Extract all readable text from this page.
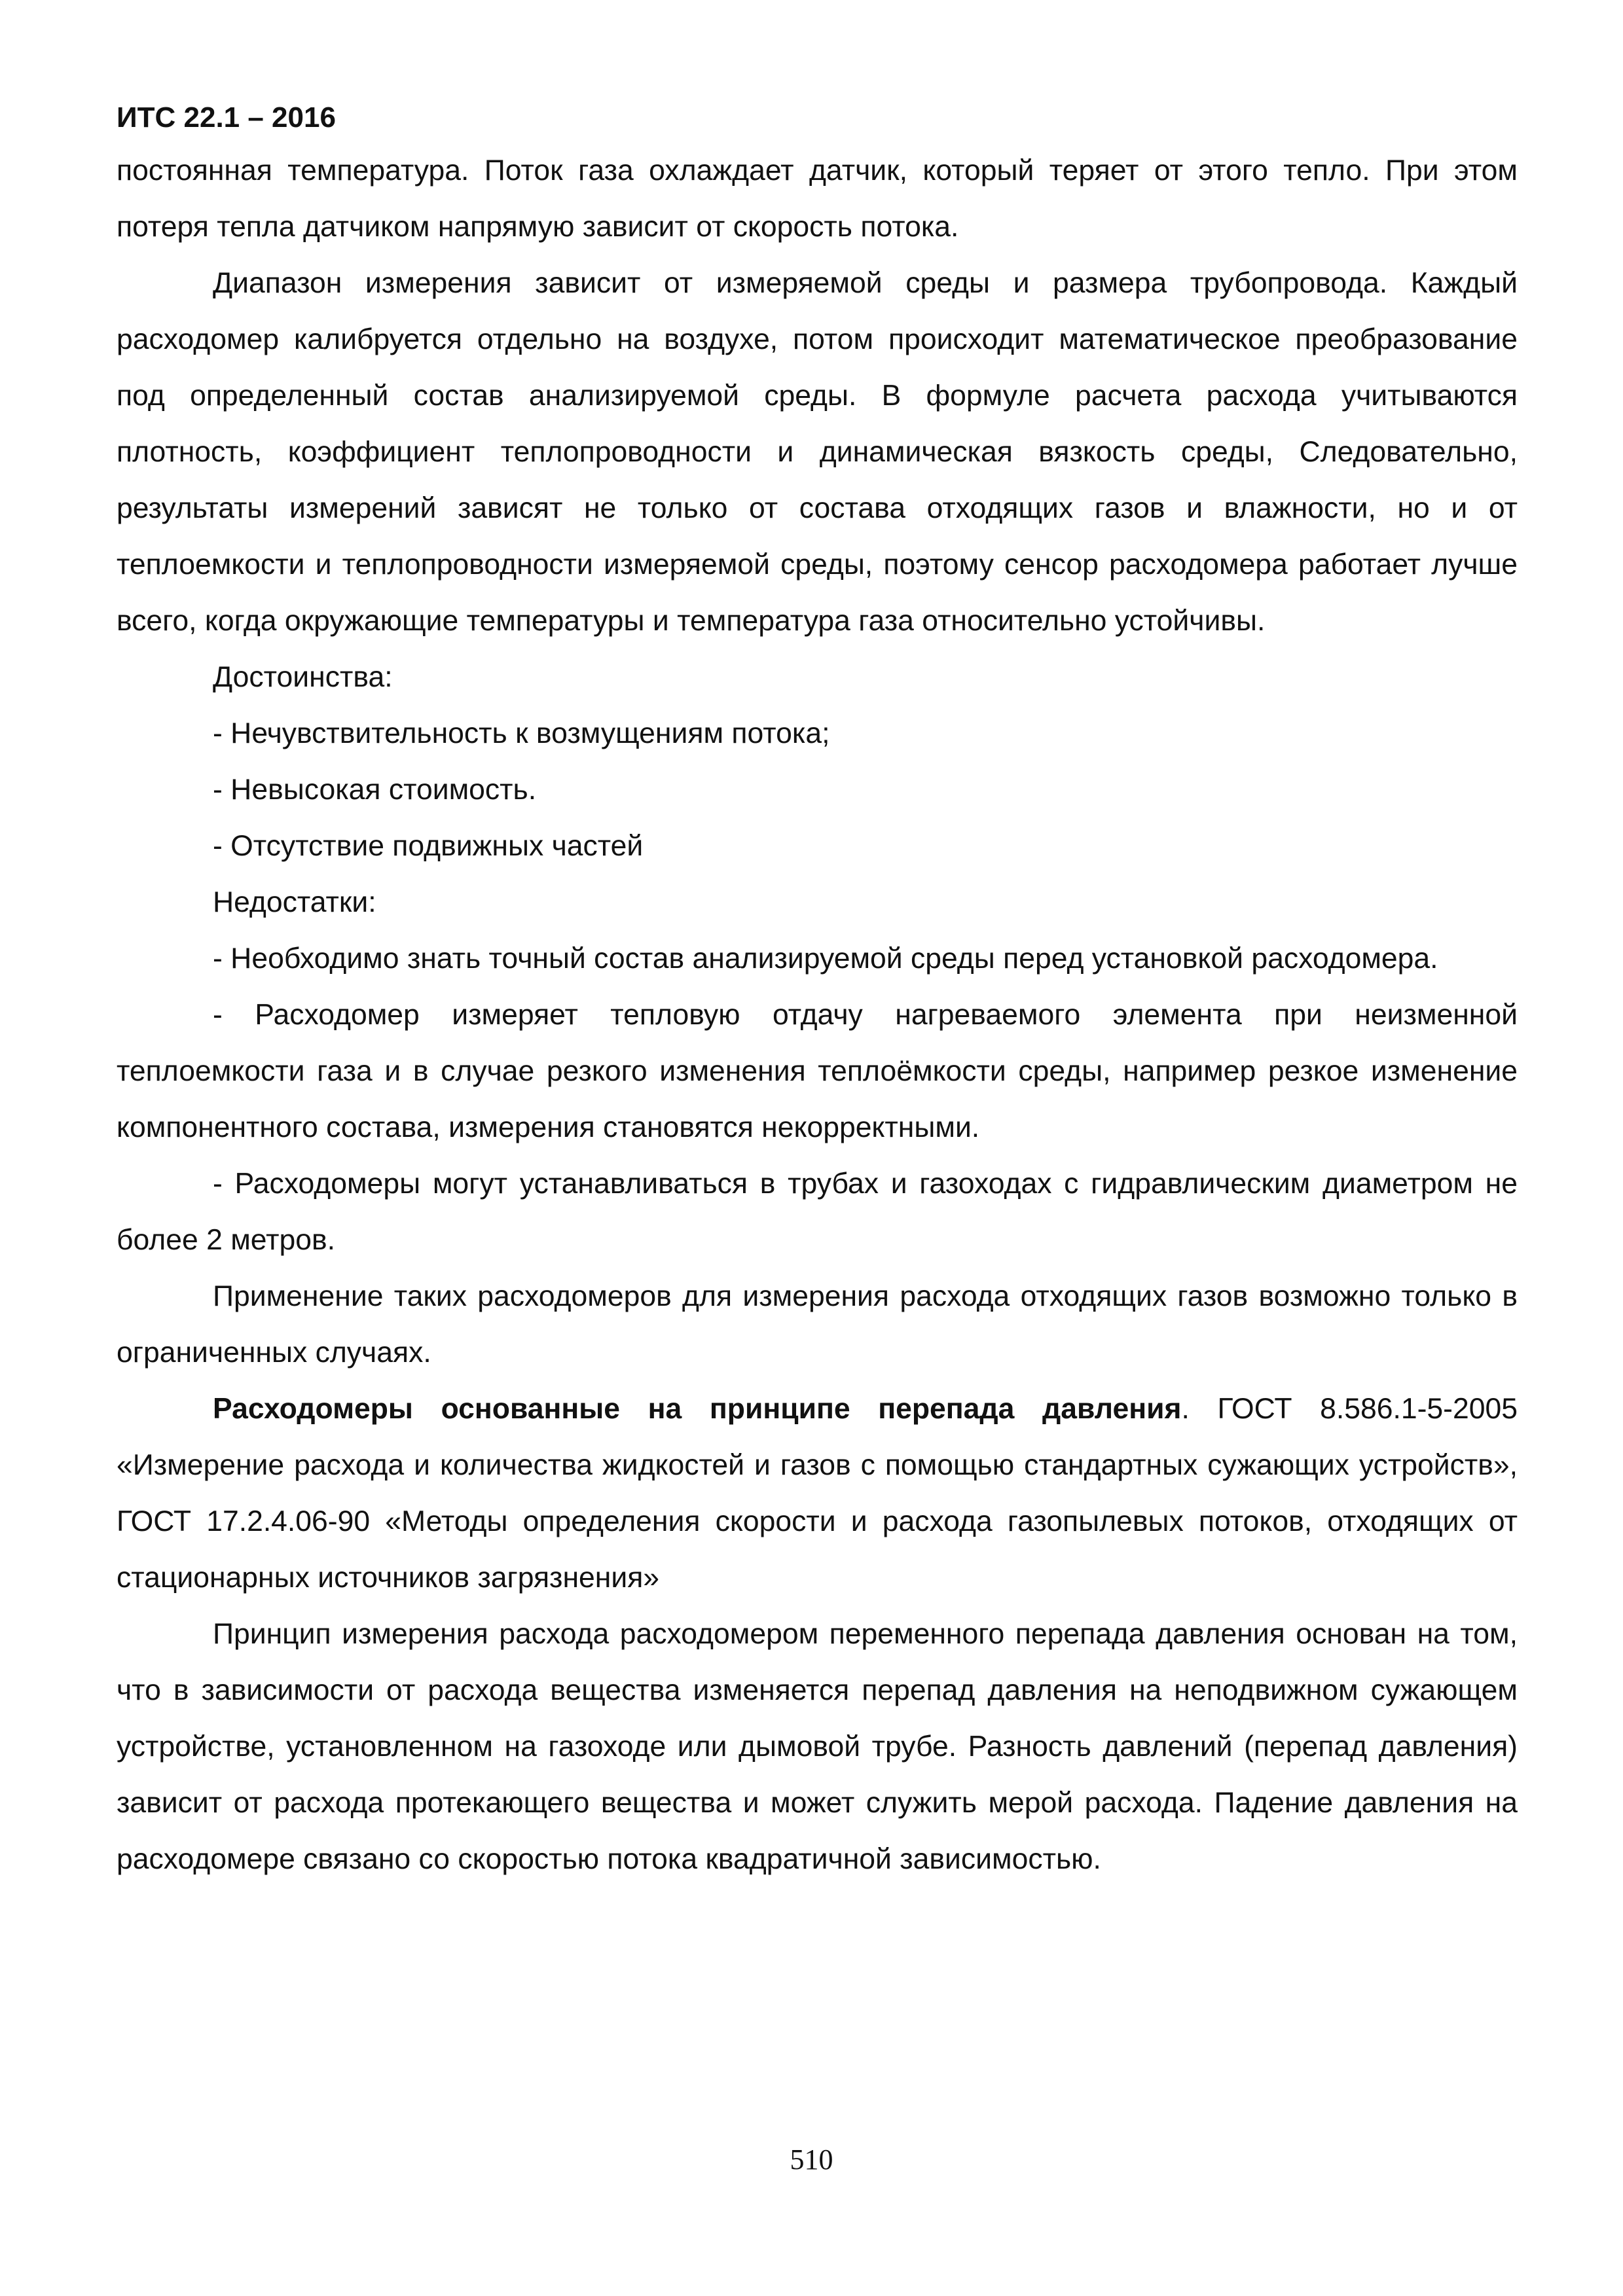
ИТС 22.1 – 2016

постоянная температура. Поток газа охлаждает датчик, который теряет от этого тепло. При этом потеря тепла датчиком напрямую зависит от скорость потока.

Диапазон измерения зависит от измеряемой среды и размера трубопровода. Каждый расходомер калибруется отдельно на воздухе, потом происходит математическое преобразование под определенный состав анализируемой среды. В формуле расчета расхода учитываются плотность, коэффициент теплопроводности и динамическая вязкость среды, Следовательно, результаты измерений зависят не только от состава отходящих газов и влажности, но и от теплоемкости и теплопроводности измеряемой среды, поэтому сенсор расходомера работает лучше всего, когда окружающие температуры и температура газа относительно устойчивы.

Достоинства:

- Нечувствительность к возмущениям потока;

- Невысокая стоимость.

- Отсутствие подвижных частей

Недостатки:

- Необходимо знать точный состав анализируемой среды перед установкой расходомера.

- Расходомер измеряет тепловую отдачу нагреваемого элемента при неизменной теплоемкости газа и в случае резкого изменения теплоёмкости среды, например резкое изменение компонентного состава, измерения становятся некорректными.

- Расходомеры могут устанавливаться в трубах и газоходах с гидравлическим диаметром не более 2 метров.

Применение таких расходомеров для измерения расхода отходящих газов возможно только в ограниченных случаях.

Расходомеры основанные на принципе перепада давления. ГОСТ 8.586.1-5-2005 «Измерение расхода и количества жидкостей и газов с помощью стандартных сужающих устройств», ГОСТ 17.2.4.06-90 «Методы определения скорости и расхода газопылевых потоков, отходящих от стационарных источников загрязнения»

Принцип измерения расхода расходомером переменного перепада давления основан на том, что в зависимости от расхода вещества изменяется перепад давления на неподвижном сужающем устройстве, установленном на газоходе или дымовой трубе. Разность давлений (перепад давления) зависит от расхода протекающего вещества и может служить мерой расхода. Падение давления на расходомере связано со скоростью потока квадратичной зависимостью.

510
